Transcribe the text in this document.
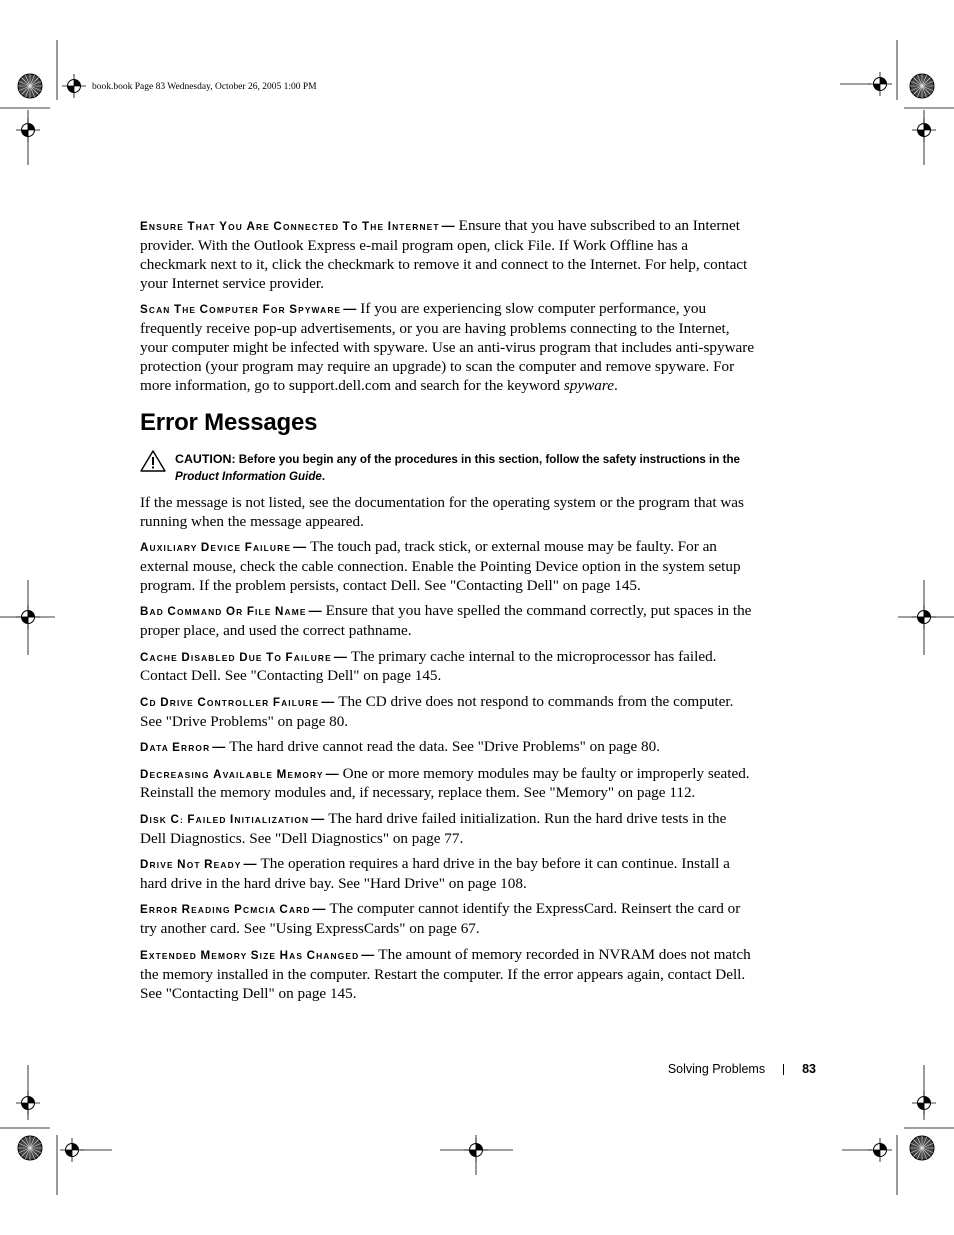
book.book Page 83 Wednesday, October 26, 2005 1:00 PM

ENSURE THAT YOU ARE CONNECTED TO THE INTERNET — Ensure that you have subscribed to an Internet provider. With the Outlook Express e-mail program open, click File. If Work Offline has a checkmark next to it, click the checkmark to remove it and connect to the Internet. For help, contact your Internet service provider.

SCAN THE COMPUTER FOR SPYWARE — If you are experiencing slow computer performance, you frequently receive pop-up advertisements, or you are having problems connecting to the Internet, your computer might be infected with spyware. Use an anti-virus program that includes anti-spyware protection (your program may require an upgrade) to scan the computer and remove spyware. For more information, go to support.dell.com and search for the keyword spyware.

Error Messages
CAUTION: Before you begin any of the procedures in this section, follow the safety instructions in the Product Information Guide.

If the message is not listed, see the documentation for the operating system or the program that was running when the message appeared.

AUXILIARY DEVICE FAILURE — The touch pad, track stick, or external mouse may be faulty. For an external mouse, check the cable connection. Enable the Pointing Device option in the system setup program. If the problem persists, contact Dell. See "Contacting Dell" on page 145.

BAD COMMAND OR FILE NAME — Ensure that you have spelled the command correctly, put spaces in the proper place, and used the correct pathname.

CACHE DISABLED DUE TO FAILURE — The primary cache internal to the microprocessor has failed. Contact Dell. See "Contacting Dell" on page 145.

CD DRIVE CONTROLLER FAILURE — The CD drive does not respond to commands from the computer. See "Drive Problems" on page 80.

DATA ERROR — The hard drive cannot read the data. See "Drive Problems" on page 80.

DECREASING AVAILABLE MEMORY — One or more memory modules may be faulty or improperly seated. Reinstall the memory modules and, if necessary, replace them. See "Memory" on page 112.

DISK C: FAILED INITIALIZATION — The hard drive failed initialization. Run the hard drive tests in the Dell Diagnostics. See "Dell Diagnostics" on page 77.

DRIVE NOT READY — The operation requires a hard drive in the bay before it can continue. Install a hard drive in the hard drive bay. See "Hard Drive" on page 108.

ERROR READING PCMCIA CARD — The computer cannot identify the ExpressCard. Reinsert the card or try another card. See "Using ExpressCards" on page 67.

EXTENDED MEMORY SIZE HAS CHANGED — The amount of memory recorded in NVRAM does not match the memory installed in the computer. Restart the computer. If the error appears again, contact Dell. See "Contacting Dell" on page 145.

Solving Problems	83
